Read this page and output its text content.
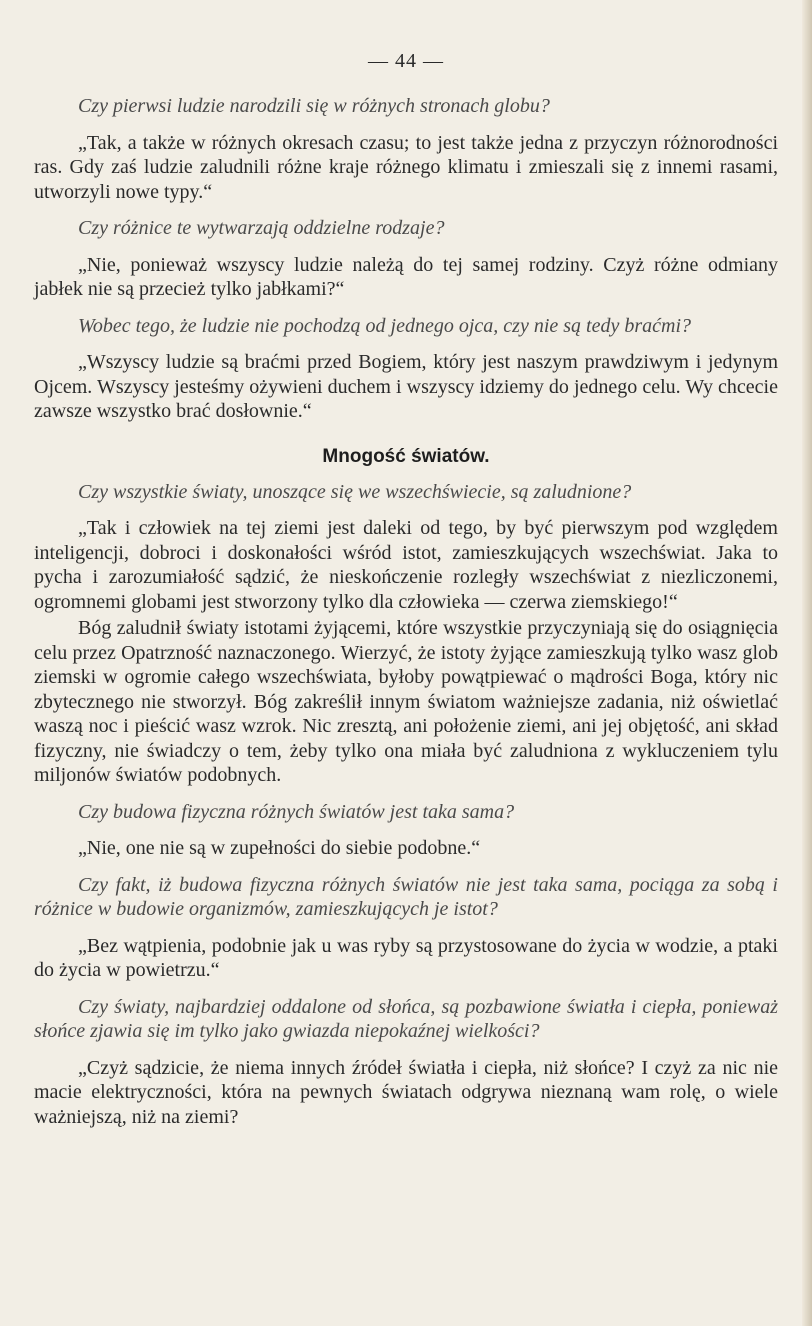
— 44 —

Czy pierwsi ludzie narodzili się w różnych stronach globu?

„Tak, a także w różnych okresach czasu; to jest także jedna z przyczyn różnorodności ras. Gdy zaś ludzie zaludnili różne kraje różnego klimatu i zmieszali się z innemi rasami, utworzyli nowe typy.“

Czy różnice te wytwarzają oddzielne rodzaje?

„Nie, ponieważ wszyscy ludzie należą do tej samej rodziny. Czyż różne odmiany jabłek nie są przecież tylko jabłkami?“

Wobec tego, że ludzie nie pochodzą od jednego ojca, czy nie są tedy braćmi?

„Wszyscy ludzie są braćmi przed Bogiem, który jest naszym prawdziwym i jedynym Ojcem. Wszyscy jesteśmy ożywieni duchem i wszyscy idziemy do jednego celu. Wy chcecie zawsze wszystko brać dosłownie.“

Mnogość światów.

Czy wszystkie światy, unoszące się we wszechświecie, są zaludnione?

„Tak i człowiek na tej ziemi jest daleki od tego, by być pierwszym pod względem inteligencji, dobroci i doskonałości wśród istot, zamieszkujących wszechświat. Jaka to pycha i zarozumiałość sądzić, że nieskończenie rozległy wszechświat z niezliczonemi, ogromnemi globami jest stworzony tylko dla człowieka — czerwa ziemskiego!“

Bóg zaludnił światy istotami żyjącemi, które wszystkie przyczyniają się do osiągnięcia celu przez Opatrzność naznaczonego. Wierzyć, że istoty żyjące zamieszkują tylko wasz glob ziemski w ogromie całego wszechświata, byłoby powątpiewać o mądrości Boga, który nic zbytecznego nie stworzył. Bóg zakreślił innym światom ważniejsze zadania, niż oświetlać waszą noc i pieścić wasz wzrok. Nic zresztą, ani położenie ziemi, ani jej objętość, ani skład fizyczny, nie świadczy o tem, żeby tylko ona miała być zaludniona z wykluczeniem tylu miljonów światów podobnych.

Czy budowa fizyczna różnych światów jest taka sama?

„Nie, one nie są w zupełności do siebie podobne.“

Czy fakt, iż budowa fizyczna różnych światów nie jest taka sama, pociąga za sobą i różnice w budowie organizmów, zamieszkujących je istot?

„Bez wątpienia, podobnie jak u was ryby są przystosowane do życia w wodzie, a ptaki do życia w powietrzu.“

Czy światy, najbardziej oddalone od słońca, są pozbawione światła i ciepła, ponieważ słońce zjawia się im tylko jako gwiazda niepokaźnej wielkości?

„Czyż sądzicie, że niema innych źródeł światła i ciepła, niż słońce? I czyż za nic nie macie elektryczności, która na pewnych światach odgrywa nieznaną wam rolę, o wiele ważniejszą, niż na ziemi?
